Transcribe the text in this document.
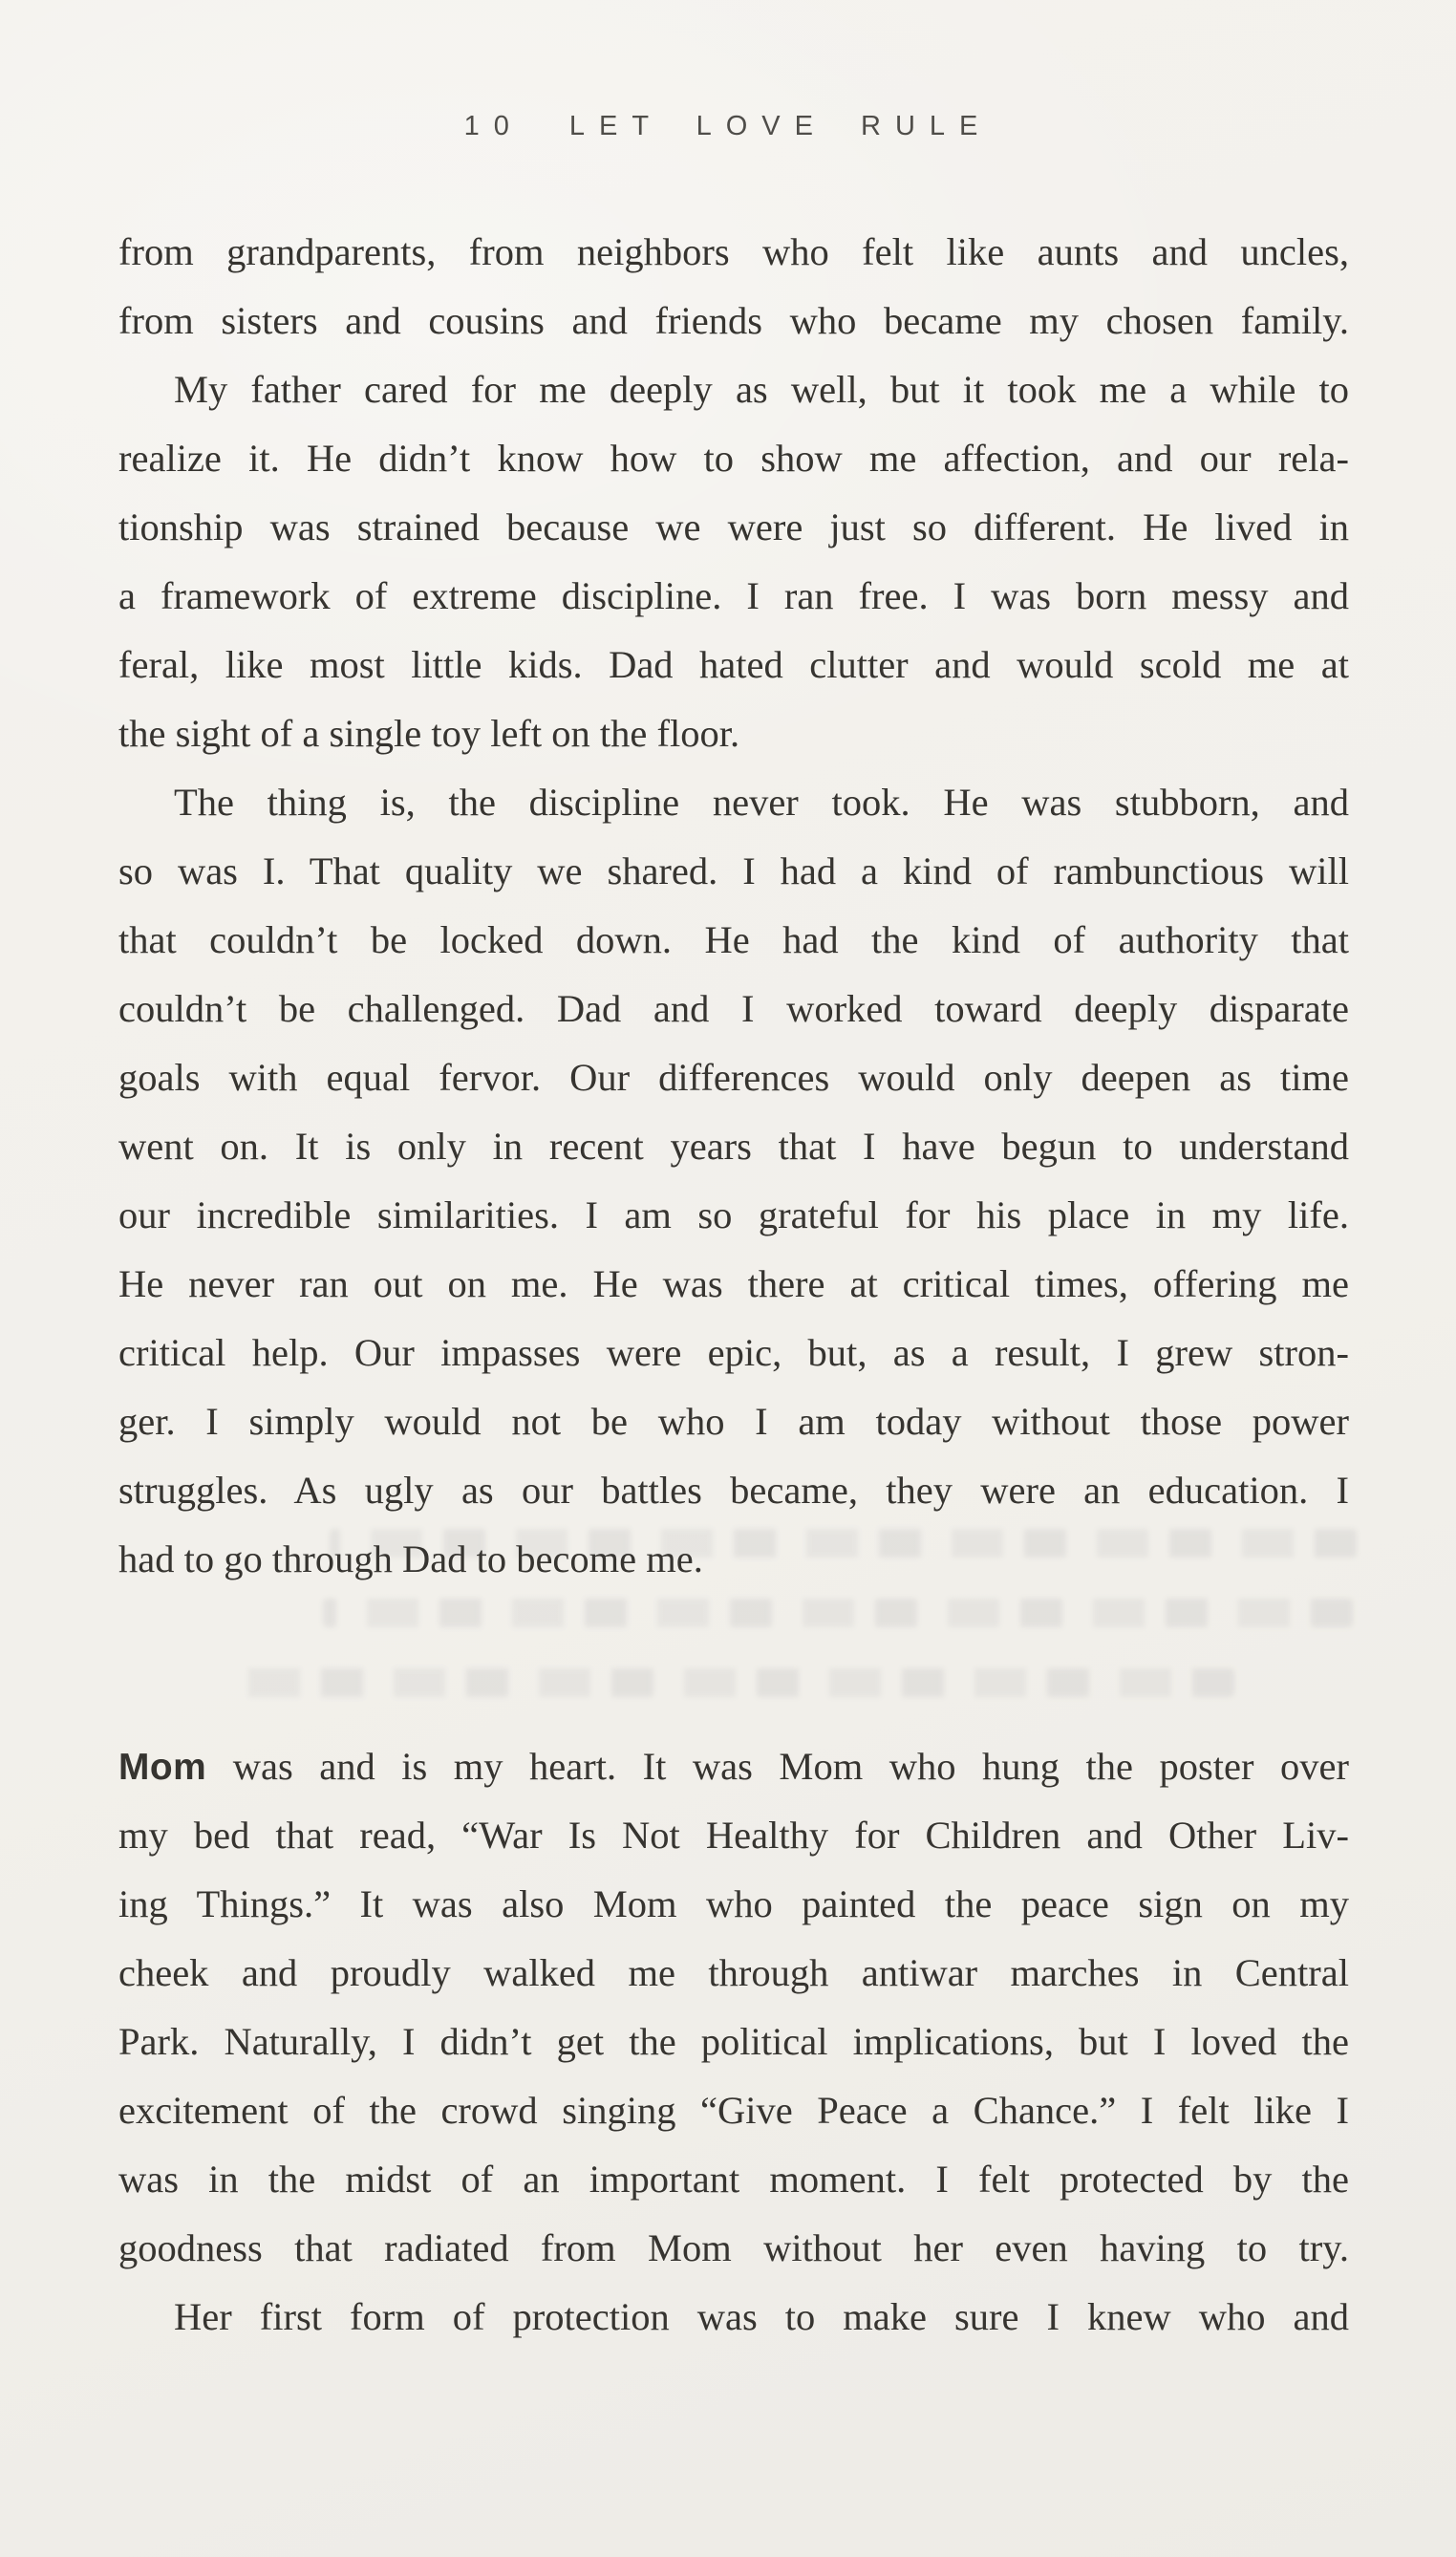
10 LET LOVE RULE
from grandparents, from neighbors who felt like aunts and uncles,
from sisters and cousins and friends who became my chosen family.
My father cared for me deeply as well, but it took me a while to
realize it. He didn’t know how to show me affection, and our rela-
tionship was strained because we were just so different. He lived in
a framework of extreme discipline. I ran free. I was born messy and
feral, like most little kids. Dad hated clutter and would scold me at
the sight of a single toy left on the floor.
The thing is, the discipline never took. He was stubborn, and
so was I. That quality we shared. I had a kind of rambunctious will
that couldn’t be locked down. He had the kind of authority that
couldn’t be challenged. Dad and I worked toward deeply disparate
goals with equal fervor. Our differences would only deepen as time
went on. It is only in recent years that I have begun to understand
our incredible similarities. I am so grateful for his place in my life.
He never ran out on me. He was there at critical times, offering me
critical help. Our impasses were epic, but, as a result, I grew stron-
ger. I simply would not be who I am today without those power
struggles. As ugly as our battles became, they were an education. I
had to go through Dad to become me.
Mom was and is my heart. It was Mom who hung the poster over
my bed that read, “War Is Not Healthy for Children and Other Liv-
ing Things.” It was also Mom who painted the peace sign on my
cheek and proudly walked me through antiwar marches in Central
Park. Naturally, I didn’t get the political implications, but I loved the
excitement of the crowd singing “Give Peace a Chance.” I felt like I
was in the midst of an important moment. I felt protected by the
goodness that radiated from Mom without her even having to try.
Her first form of protection was to make sure I knew who and
